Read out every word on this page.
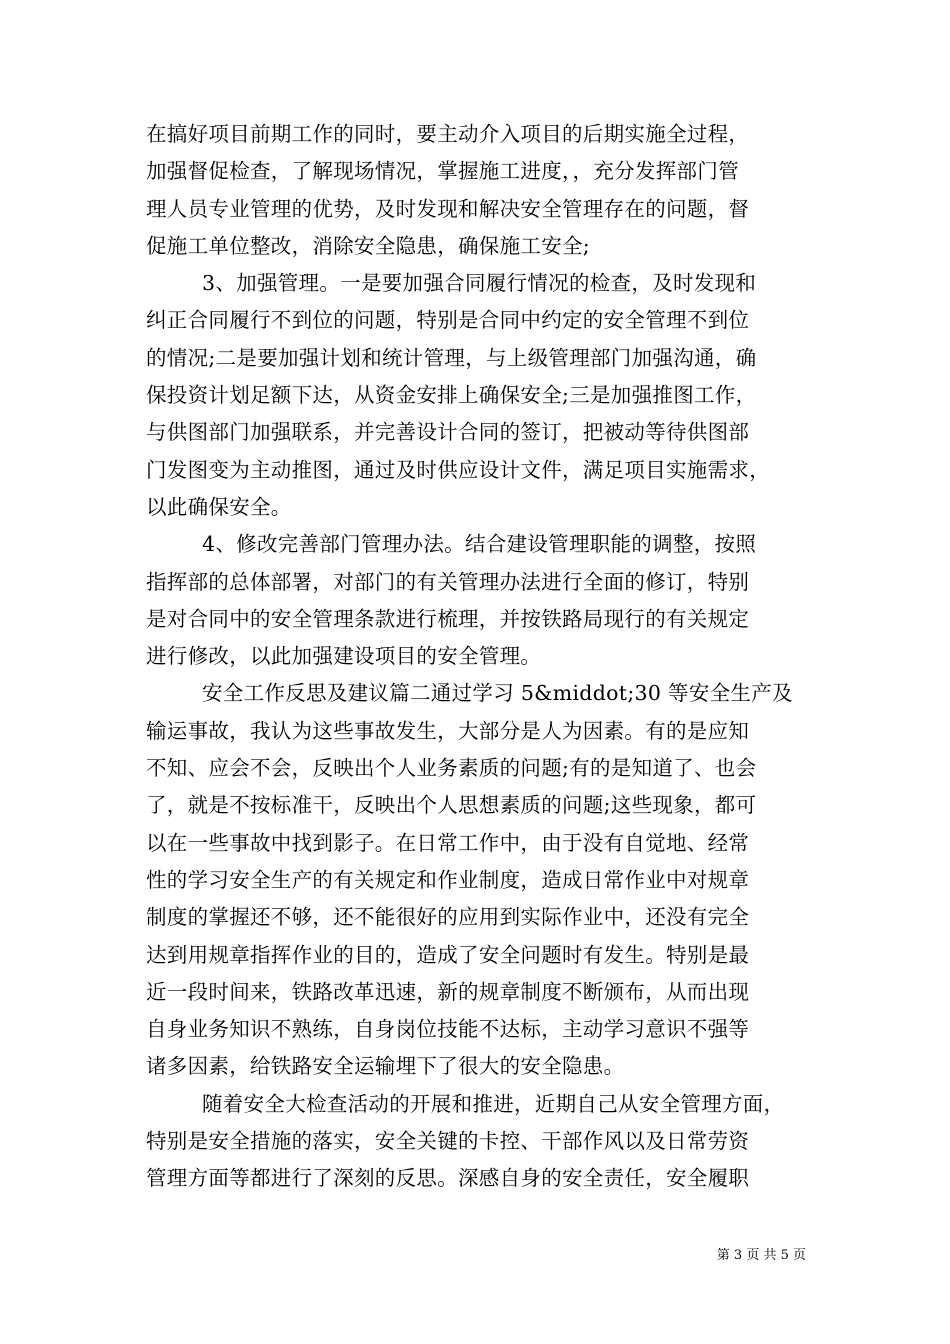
在搞好项目前期工作的同时，要主动介入项目的后期实施全过程，
加强督促检查，了解现场情况，掌握施工进度，，充分发挥部门管
理人员专业管理的优势，及时发现和解决安全管理存在的问题，督
促施工单位整改，消除安全隐患，确保施工安全;
3、加强管理。一是要加强合同履行情况的检查，及时发现和
纠正合同履行不到位的问题，特别是合同中约定的安全管理不到位
的情况;二是要加强计划和统计管理，与上级管理部门加强沟通，确
保投资计划足额下达，从资金安排上确保安全;三是加强推图工作，
与供图部门加强联系，并完善设计合同的签订，把被动等待供图部
门发图变为主动推图，通过及时供应设计文件，满足项目实施需求，
以此确保安全。
4、修改完善部门管理办法。结合建设管理职能的调整，按照
指挥部的总体部署，对部门的有关管理办法进行全面的修订，特别
是对合同中的安全管理条款进行梳理，并按铁路局现行的有关规定
进行修改，以此加强建设项目的安全管理。
安全工作反思及建议篇二通过学习 5&middot;30 等安全生产及
输运事故，我认为这些事故发生，大部分是人为因素。有的是应知
不知、应会不会，反映出个人业务素质的问题;有的是知道了、也会
了，就是不按标准干，反映出个人思想素质的问题;这些现象，都可
以在一些事故中找到影子。在日常工作中，由于没有自觉地、经常
性的学习安全生产的有关规定和作业制度，造成日常作业中对规章
制度的掌握还不够，还不能很好的应用到实际作业中，还没有完全
达到用规章指挥作业的目的，造成了安全问题时有发生。特别是最
近一段时间来，铁路改革迅速，新的规章制度不断颁布，从而出现
自身业务知识不熟练，自身岗位技能不达标，主动学习意识不强等
诸多因素，给铁路安全运输埋下了很大的安全隐患。
随着安全大检查活动的开展和推进，近期自己从安全管理方面，
特别是安全措施的落实，安全关键的卡控、干部作风以及日常劳资
管理方面等都进行了深刻的反思。深感自身的安全责任，安全履职
第 3 页 共 5 页
